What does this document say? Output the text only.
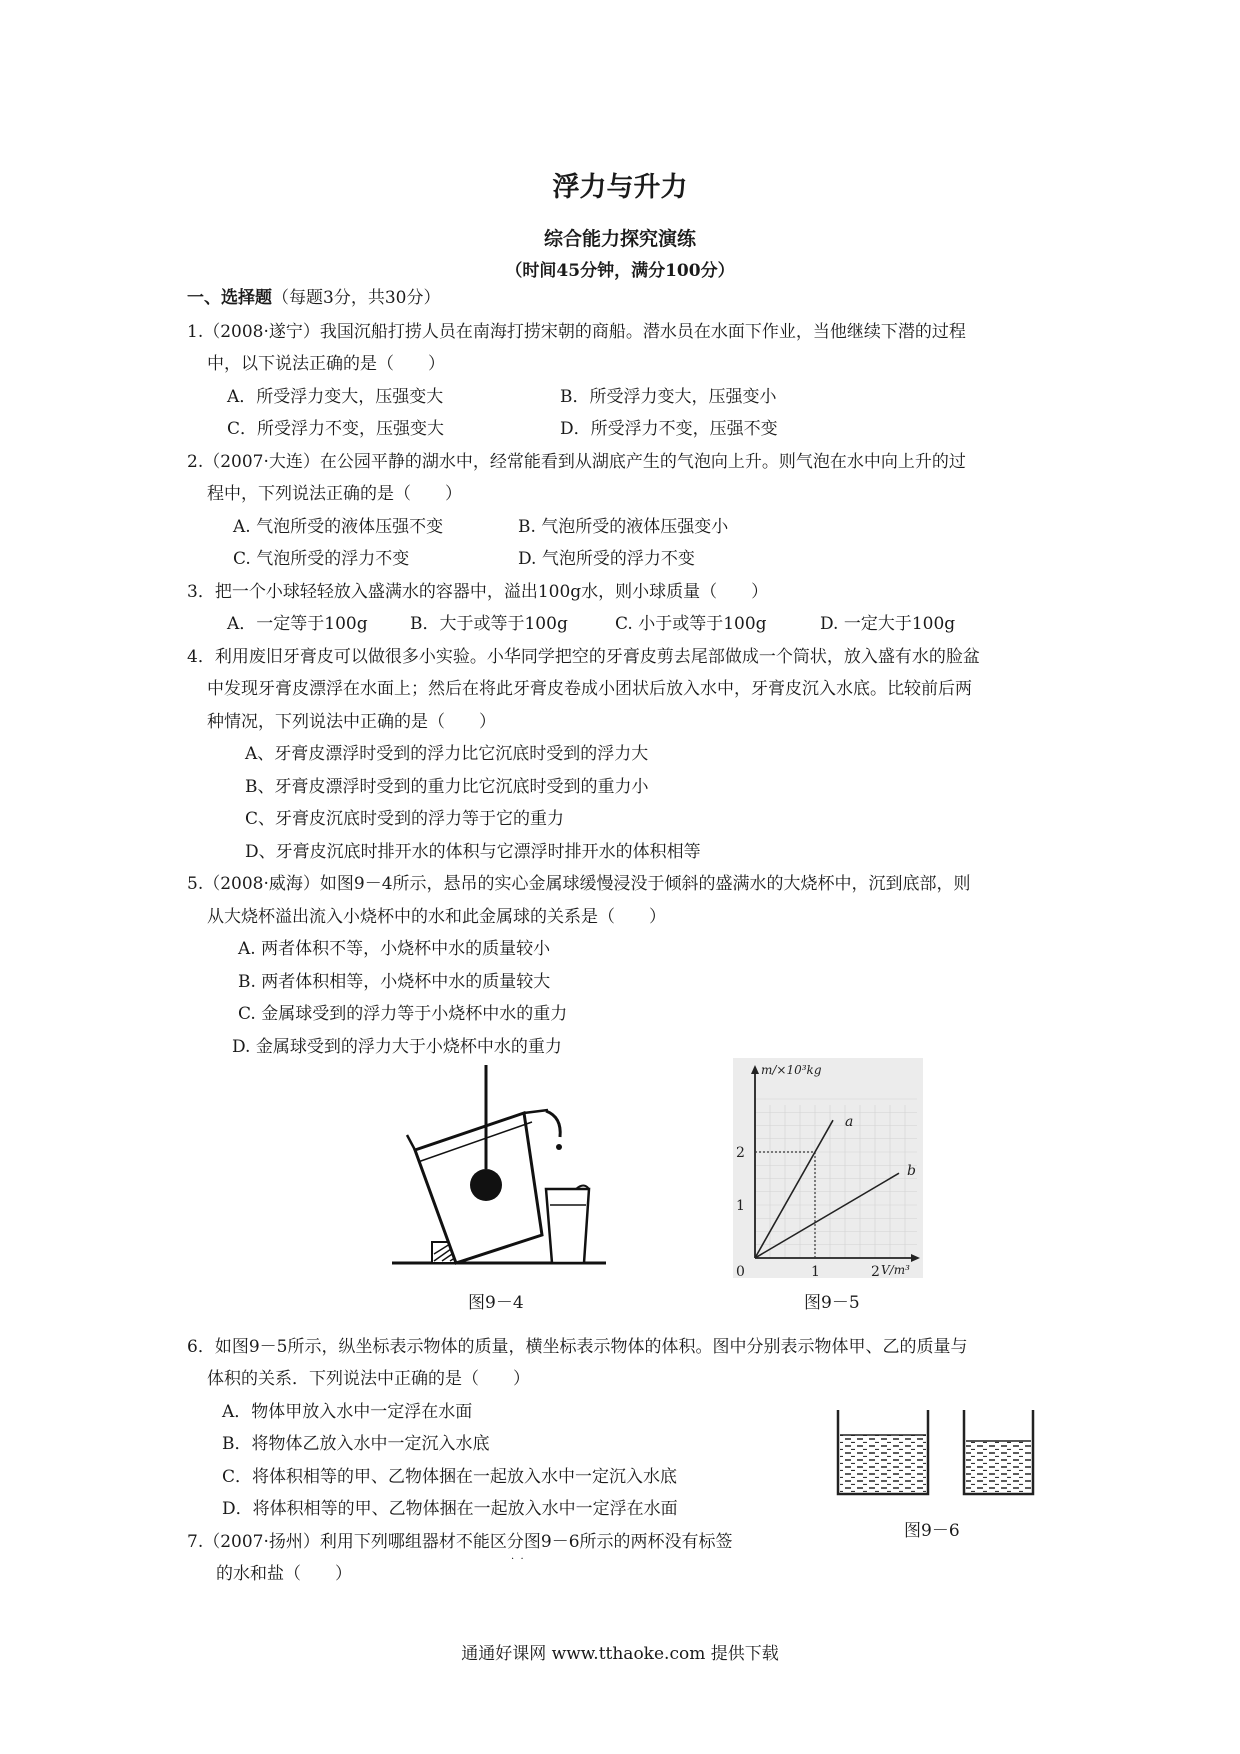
浮力与升力
综合能力探究演练
（时间45分钟，满分100分）
一、选择题（每题3分，共30分）
1.（2008·遂宁）我国沉船打捞人员在南海打捞宋朝的商船。潜水员在水面下作业，当他继续下潜的过程
中，以下说法正确的是（　　）
A．所受浮力变大，压强变大	B．所受浮力变大，压强变小
C．所受浮力不变，压强变大	D．所受浮力不变，压强不变
2.（2007·大连）在公园平静的湖水中，经常能看到从湖底产生的气泡向上升。则气泡在水中向上升的过
程中，下列说法正确的是（　　）
A. 气泡所受的液体压强不变	B. 气泡所受的液体压强变小
C. 气泡所受的浮力不变	D. 气泡所受的浮力不变
3．把一个小球轻轻放入盛满水的容器中，溢出100g水，则小球质量（　　）
A．一定等于100g B．大于或等于100g	C. 小于或等于100g	D. 一定大于100g
4．利用废旧牙膏皮可以做很多小实验。小华同学把空的牙膏皮剪去尾部做成一个筒状，放入盛有水的脸盆
中发现牙膏皮漂浮在水面上；然后在将此牙膏皮卷成小团状后放入水中，牙膏皮沉入水底。比较前后两
种情况，下列说法中正确的是（　　）
A、牙膏皮漂浮时受到的浮力比它沉底时受到的浮力大
B、牙膏皮漂浮时受到的重力比它沉底时受到的重力小
C、牙膏皮沉底时受到的浮力等于它的重力
D、牙膏皮沉底时排开水的体积与它漂浮时排开水的体积相等
5.（2008·威海）如图9－4所示，悬吊的实心金属球缓慢浸没于倾斜的盛满水的大烧杯中，沉到底部，则
从大烧杯溢出流入小烧杯中的水和此金属球的关系是（　　）
A. 两者体积不等，小烧杯中水的质量较小
B. 两者体积相等，小烧杯中水的质量较大
C. 金属球受到的浮力等于小烧杯中水的重力
D. 金属球受到的浮力大于小烧杯中水的重力
图9－4
a
b
m/×10³kg
V/m³
0	1	2
1
2
图9－5
6．如图9－5所示，纵坐标表示物体的质量，横坐标表示物体的体积。图中分别表示物体甲、乙的质量与
体积的关系．下列说法中正确的是（　　）
A．物体甲放入水中一定浮在水面
B．将物体乙放入水中一定沉入水底
C．将体积相等的甲、乙物体捆在一起放入水中一定沉入水底
D．将体积相等的甲、乙物体捆在一起放入水中一定浮在水面
图9－6
7.（2007·扬州）利用下列哪组器材不能区分图9－6所示的两杯没有标签
的水和盐（　　）
·  ·
通通好课网 www.tthaoke.com 提供下载
